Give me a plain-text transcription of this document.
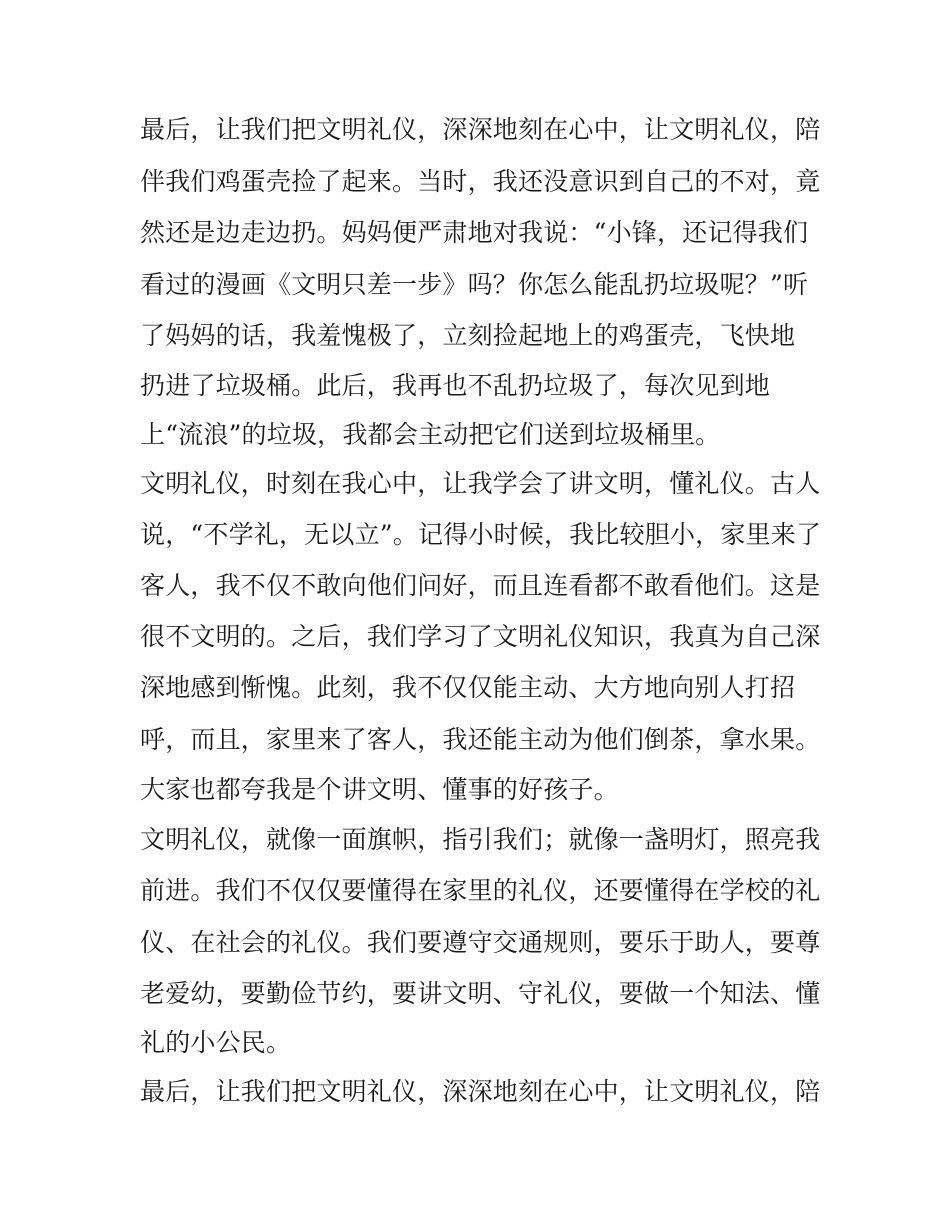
最后，让我们把文明礼仪，深深地刻在心中，让文明礼仪，陪
伴我们鸡蛋壳捡了起来。当时，我还没意识到自己的不对，竟
然还是边走边扔。妈妈便严肃地对我说：“小锋，还记得我们
看过的漫画《文明只差一步》吗？你怎么能乱扔垃圾呢？”听
了妈妈的话，我羞愧极了，立刻捡起地上的鸡蛋壳，飞快地
扔进了垃圾桶。此后，我再也不乱扔垃圾了，每次见到地
上“流浪”的垃圾，我都会主动把它们送到垃圾桶里。
文明礼仪，时刻在我心中，让我学会了讲文明，懂礼仪。古人
说，“不学礼，无以立”。记得小时候，我比较胆小，家里来了
客人，我不仅不敢向他们问好，而且连看都不敢看他们。这是
很不文明的。之后，我们学习了文明礼仪知识，我真为自己深
深地感到惭愧。此刻，我不仅仅能主动、大方地向别人打招
呼，而且，家里来了客人，我还能主动为他们倒茶，拿水果。
大家也都夸我是个讲文明、懂事的好孩子。
文明礼仪，就像一面旗帜，指引我们；就像一盏明灯，照亮我
前进。我们不仅仅要懂得在家里的礼仪，还要懂得在学校的礼
仪、在社会的礼仪。我们要遵守交通规则，要乐于助人，要尊
老爱幼，要勤俭节约，要讲文明、守礼仪，要做一个知法、懂
礼的小公民。
最后，让我们把文明礼仪，深深地刻在心中，让文明礼仪，陪
